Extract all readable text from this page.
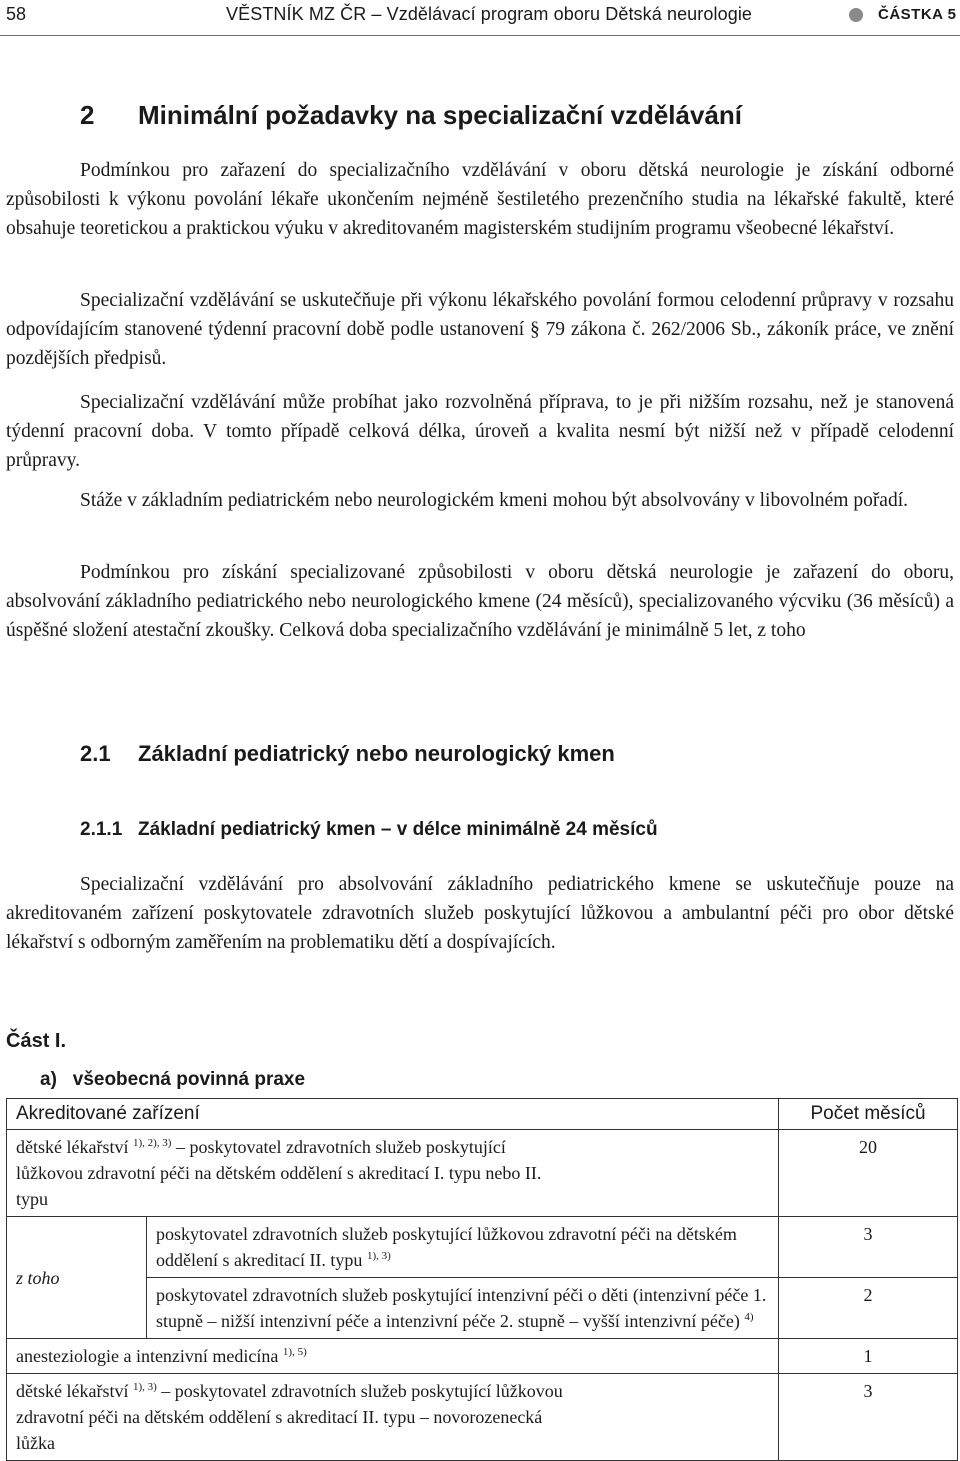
58	VĚSTNÍK MZ ČR – Vzdělávací program oboru Dětská neurologie	ČÁSTKA 5
2 Minimální požadavky na specializační vzdělávání

Podmínkou pro zařazení do specializačního vzdělávání v oboru dětská neurologie je získání odborné způsobilosti k výkonu povolání lékaře ukončením nejméně šestiletého prezenčního studia na lékařské fakultě, které obsahuje teoretickou a praktickou výuku v akreditovaném magisterském studijním programu všeobecné lékařství.

Specializační vzdělávání se uskutečňuje při výkonu lékařského povolání formou celodenní průpravy v rozsahu odpovídajícím stanovené týdenní pracovní době podle ustanovení § 79 zákona č. 262/2006 Sb., zákoník práce, ve znění pozdějších předpisů.

Specializační vzdělávání může probíhat jako rozvolněná příprava, to je při nižším rozsahu, než je stanovená týdenní pracovní doba. V tomto případě celková délka, úroveň a kvalita nesmí být nižší než v případě celodenní průpravy.

Stáže v základním pediatrickém nebo neurologickém kmeni mohou být absolvovány v libovolném pořadí.

Podmínkou pro získání specializované způsobilosti v oboru dětská neurologie je zařazení do oboru, absolvování základního pediatrického nebo neurologického kmene (24 měsíců), specializovaného výcviku (36 měsíců) a úspěšné složení atestační zkoušky. Celková doba specializačního vzdělávání je minimálně 5 let, z toho

2.1 Základní pediatrický nebo neurologický kmen
2.1.1 Základní pediatrický kmen – v délce minimálně 24 měsíců

Specializační vzdělávání pro absolvování základního pediatrického kmene se uskutečňuje pouze na akreditovaném zařízení poskytovatele zdravotních služeb poskytující lůžkovou a ambulantní péči pro obor dětské lékařství s odborným zaměřením na problematiku dětí a dospívajících.

Část I.
a) všeobecná povinná praxe
Akreditované zařízení		Počet měsíců
dětské lékařství $^{1), 2), 3)}$ – poskytovatel zdravotních služeb poskytující lůžkovou zdravotní péči na dětském oddělení s akreditací I. typu nebo II. typu		20
z toho	poskytovatel zdravotních služeb poskytující lůžkovou zdravotní péči na dětském oddělení s akreditací II. typu $^{1), 3)}$	3
	poskytovatel zdravotních služeb poskytující intenzivní péči o děti (intenzivní péče 1. stupně – nižší intenzivní péče a intenzivní péče 2. stupně – vyšší intenzivní péče) $^{4)}$	2
anesteziologie a intenzivní medicína $^{1), 5)}$		1
dětské lékařství $^{1), 3)}$ – poskytovatel zdravotních služeb poskytující lůžkovou zdravotní péči na dětském oddělení s akreditací II. typu – novorozenecká lůžka		3
